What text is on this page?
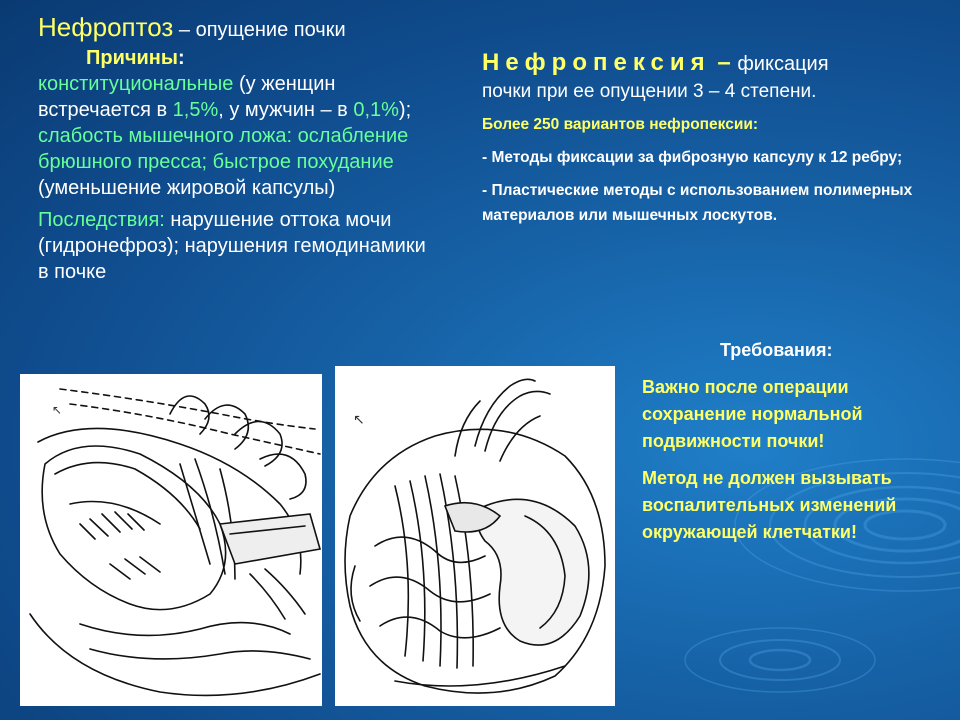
Нефроптоз – опущение почки

Причины:

конституциональные (у женщин встречается в 1,5%, у мужчин – в 0,1%); слабость мышечного ложа: ослабление брюшного пресса; быстрое похудание (уменьшение жировой капсулы)

Последствия: нарушение оттока мочи (гидронефроз); нарушения гемодинамики в почке

Нефропексия – фиксация
почки при ее опущении 3 – 4 степени.
Более 250 вариантов нефропексии:
- Методы фиксации за фиброзную капсулу к 12 ребру;
- Пластические методы с использованием полимерных материалов или мышечных лоскутов.
Требования:

Важно после операции сохранение нормальной подвижности почки!

Метод не должен вызывать воспалительных изменений окружающей клетчатки!

↖
↖
